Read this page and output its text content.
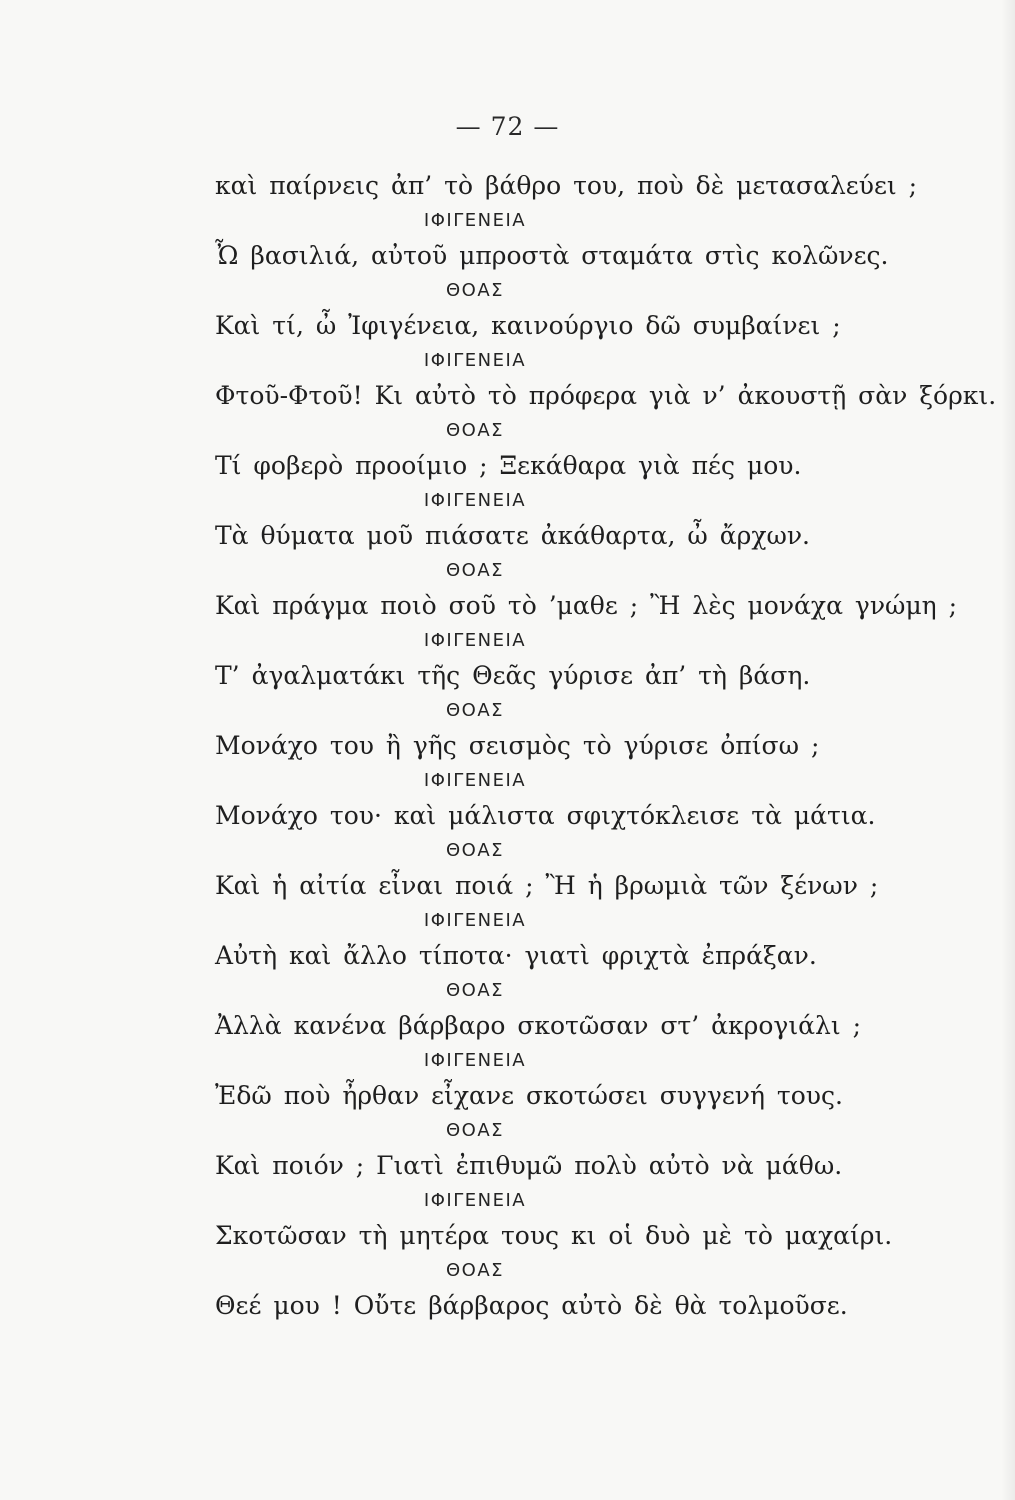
— 72 —
καὶ παίρνεις ἀπ’ τὸ βάθρο του, ποὺ δὲ μετασαλεύει ;
ΙΦΙΓΕΝΕΙΑ
Ὦ βασιλιά, αὐτοῦ μπροστὰ σταμάτα στὶς κολῶνες.
ΘΟΑΣ
Καὶ τί, ὦ Ἰφιγένεια, καινούργιο δῶ συμβαίνει ;
ΙΦΙΓΕΝΕΙΑ
Φτοῦ-Φτοῦ! Κι αὐτὸ τὸ πρόφερα γιὰ ν’ ἀκουστῇ σὰν ξόρκι.
ΘΟΑΣ
Τί φοβερὸ προοίμιο ; Ξεκάθαρα γιὰ πές μου.
ΙΦΙΓΕΝΕΙΑ
Τὰ θύματα μοῦ πιάσατε ἀκάθαρτα, ὦ ἄρχων.
ΘΟΑΣ
Καὶ πράγμα ποιὸ σοῦ τὸ ’μαθε ; Ἢ λὲς μονάχα γνώμη ;
ΙΦΙΓΕΝΕΙΑ
Τ’ ἀγαλματάκι τῆς Θεᾶς γύρισε ἀπ’ τὴ βάση.
ΘΟΑΣ
Μονάχο του ἢ γῆς σεισμὸς τὸ γύρισε ὀπίσω ;
ΙΦΙΓΕΝΕΙΑ
Μονάχο του· καὶ μάλιστα σφιχτόκλεισε τὰ μάτια.
ΘΟΑΣ
Καὶ ἡ αἰτία εἶναι ποιά ; Ἢ ἡ βρωμιὰ τῶν ξένων ;
ΙΦΙΓΕΝΕΙΑ
Αὐτὴ καὶ ἄλλο τίποτα· γιατὶ φριχτὰ ἐπράξαν.
ΘΟΑΣ
Ἀλλὰ κανένα βάρβαρο σκοτῶσαν στ’ ἀκρογιάλι ;
ΙΦΙΓΕΝΕΙΑ
Ἐδῶ ποὺ ἦρθαν εἶχανε σκοτώσει συγγενή τους.
ΘΟΑΣ
Καὶ ποιόν ; Γιατὶ ἐπιθυμῶ πολὺ αὐτὸ νὰ μάθω.
ΙΦΙΓΕΝΕΙΑ
Σκοτῶσαν τὴ μητέρα τους κι οἱ δυὸ μὲ τὸ μαχαίρι.
ΘΟΑΣ
Θεέ μου ! Οὔτε βάρβαρος αὐτὸ δὲ θὰ τολμοῦσε.
